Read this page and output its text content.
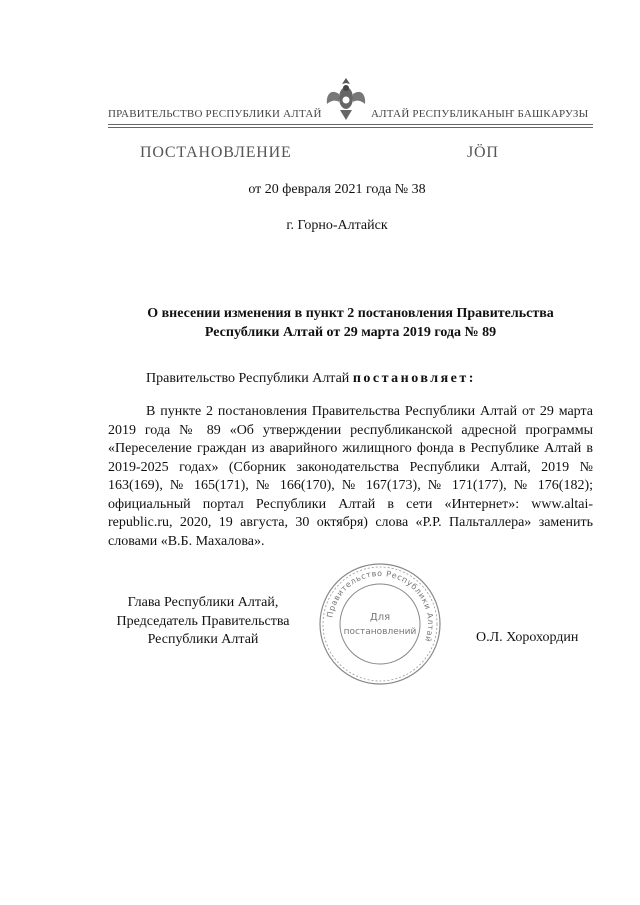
ПРАВИТЕЛЬСТВО РЕСПУБЛИКИ АЛТАЙ	АЛТАЙ РЕСПУБЛИКАНЫҤ БАШКАРУЗЫ
ПОСТАНОВЛЕНИЕ	ЈÖП
от 20 февраля 2021 года № 38
г. Горно-Алтайск
О внесении изменения в пункт 2 постановления Правительства
Республики Алтай от 29 марта 2019 года № 89
Правительство Республики Алтай постановляет:
В пункте 2 постановления Правительства Республики Алтай от 29 марта 2019 года № 89 «Об утверждении республиканской адресной программы «Переселение граждан из аварийного жилищного фонда в Республике Алтай в 2019-2025 годах» (Сборник законодательства Республики Алтай, 2019 № 163(169), № 165(171), № 166(170), № 167(173), № 171(177), № 176(182); официальный портал Республики Алтай в сети «Интернет»: www.altai-republic.ru, 2020, 19 августа, 30 октября) слова «Р.Р. Пальталлера» заменить словами «В.Б. Махалова».
Глава Республики Алтай,
Председатель Правительства
Республики Алтай
Правительство Республики Алтай
Для
постановлений	О.Л. Хорохордин
